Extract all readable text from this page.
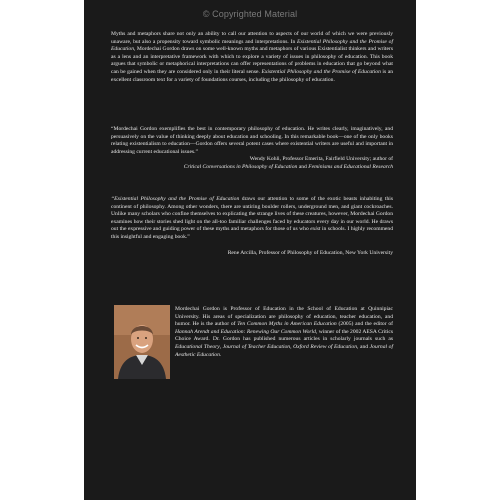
© Copyrighted Material
Myths and metaphors share not only an ability to call our attention to aspects of our world of which we were previously unaware, but also a propensity toward symbolic meanings and interpretations. In Existential Philosophy and the Promise of Education, Mordechai Gordon draws on some well-known myths and metaphors of various Existentialist thinkers and writers as a lens and an interpretative framework with which to explore a variety of issues in philosophy of education. This book argues that symbolic or metaphorical interpretations can offer representations of problems in education that go beyond what can be gained when they are considered only in their literal sense. Existential Philosophy and the Promise of Education is an excellent classroom text for a variety of foundations courses, including the philosophy of education.
“Mordechai Gordon exemplifies the best in contemporary philosophy of education. He writes clearly, imaginatively, and persuasively on the value of thinking deeply about education and schooling. In this remarkable book—one of the only books relating existentialism to education—Gordon offers several potent cases where existential writers are useful and important in addressing current educational issues.”
Wendy Kohli, Professor Emerita, Fairfield University; author of
Critical Conversations in Philosophy of Education and Feminisms and Educational Research
“Existential Philosophy and the Promise of Education draws our attention to some of the exotic beasts inhabiting this continent of philosophy. Among other wonders, there are untiring boulder rollers, underground men, and giant cockroaches. Unlike many scholars who confine themselves to explicating the strange lives of these creatures, however, Mordechai Gordon examines how their stories shed light on the all-too familiar challenges faced by educators every day in our world. He draws out the expressive and guiding power of these myths and metaphors for those of us who exist in schools. I highly recommend this insightful and engaging book.”
Rene Arcilla, Professor of Philosophy of Education, New York University
Mordechai Gordon is Professor of Education in the School of Education at Quinnipiac University. His areas of specialization are philosophy of education, teacher education, and humor. He is the author of Ten Common Myths in American Education (2005) and the editor of Hannah Arendt and Education: Renewing Our Common World, winner of the 2002 AESA Critics Choice Award. Dr. Gordon has published numerous articles in scholarly journals such as Educational Theory, Journal of Teacher Education, Oxford Review of Education, and Journal of Aesthetic Education.
